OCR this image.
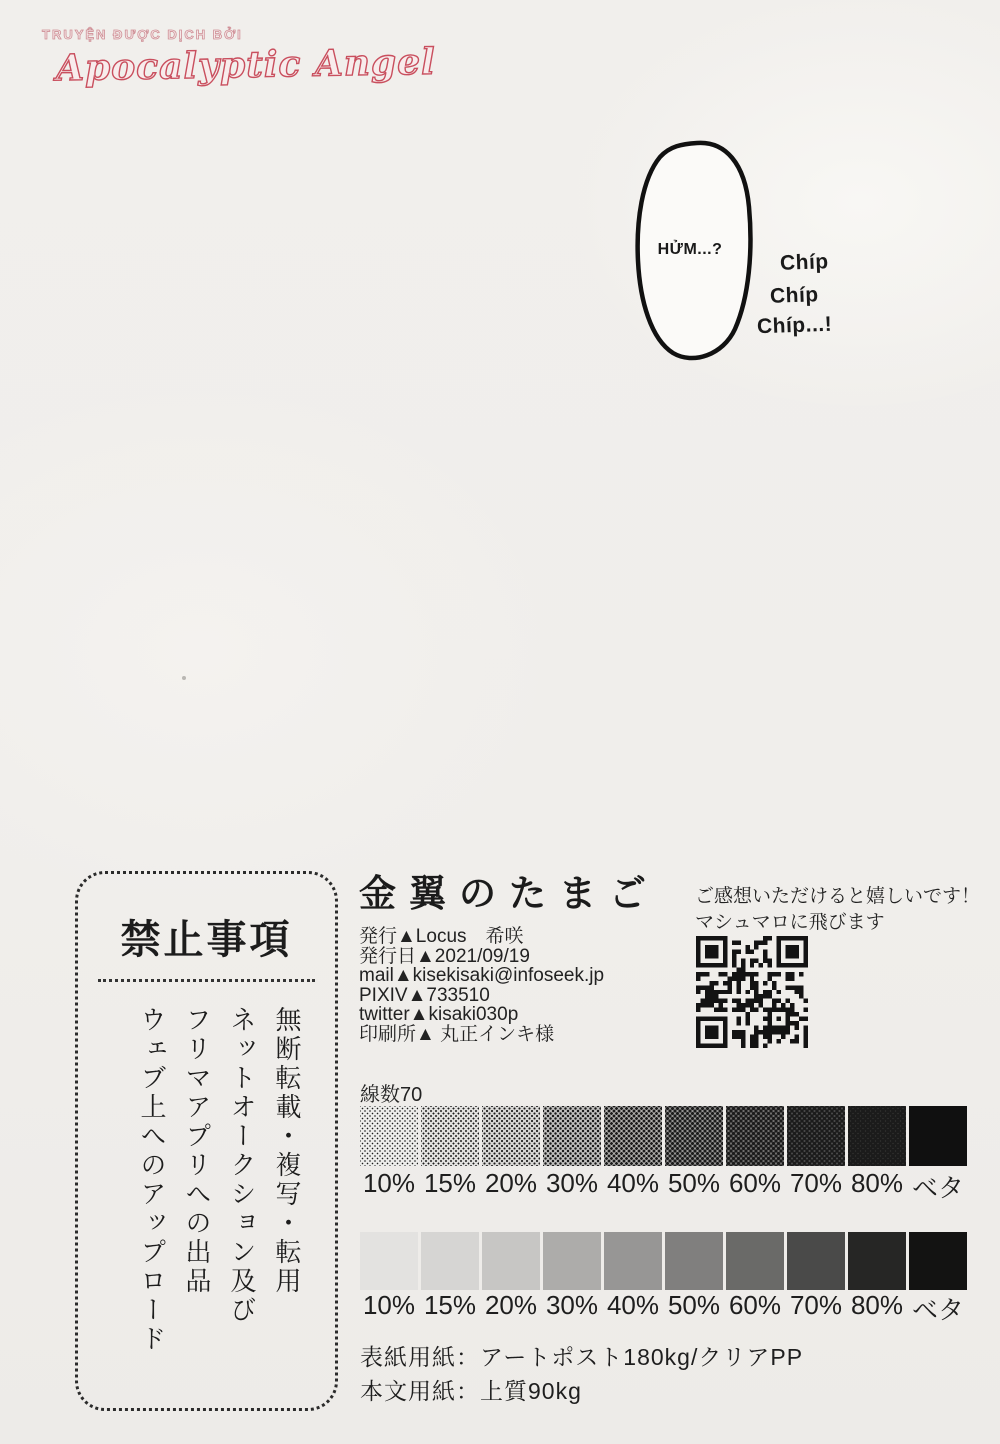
TRUYỆN ĐƯỢC DỊCH BỞI
Apocalyptic Angel
HỬM...?
Chíp
Chíp
Chíp...!
禁止事項
無断転載・複写・転用
ネットオークション及び
フリマアプリへの出品
ウェブ上へのアップロード
金翼のたまご
発行▲Locus　希咲
発行日▲2021/09/19
mail▲kisekisaki@infoseek.jp
PIXIV▲733510
twitter▲kisaki030p
印刷所▲ 丸正インキ様
ご感想いただけると嬉しいです！
マシュマロに飛びます
線数70
10% 15% 20% 30% 40% 50% 60% 70% 80% ベタ
10% 15% 20% 30% 40% 50% 60% 70% 80% ベタ
表紙用紙：アートポスト180kg/クリアPP
本文用紙：上質90kg
